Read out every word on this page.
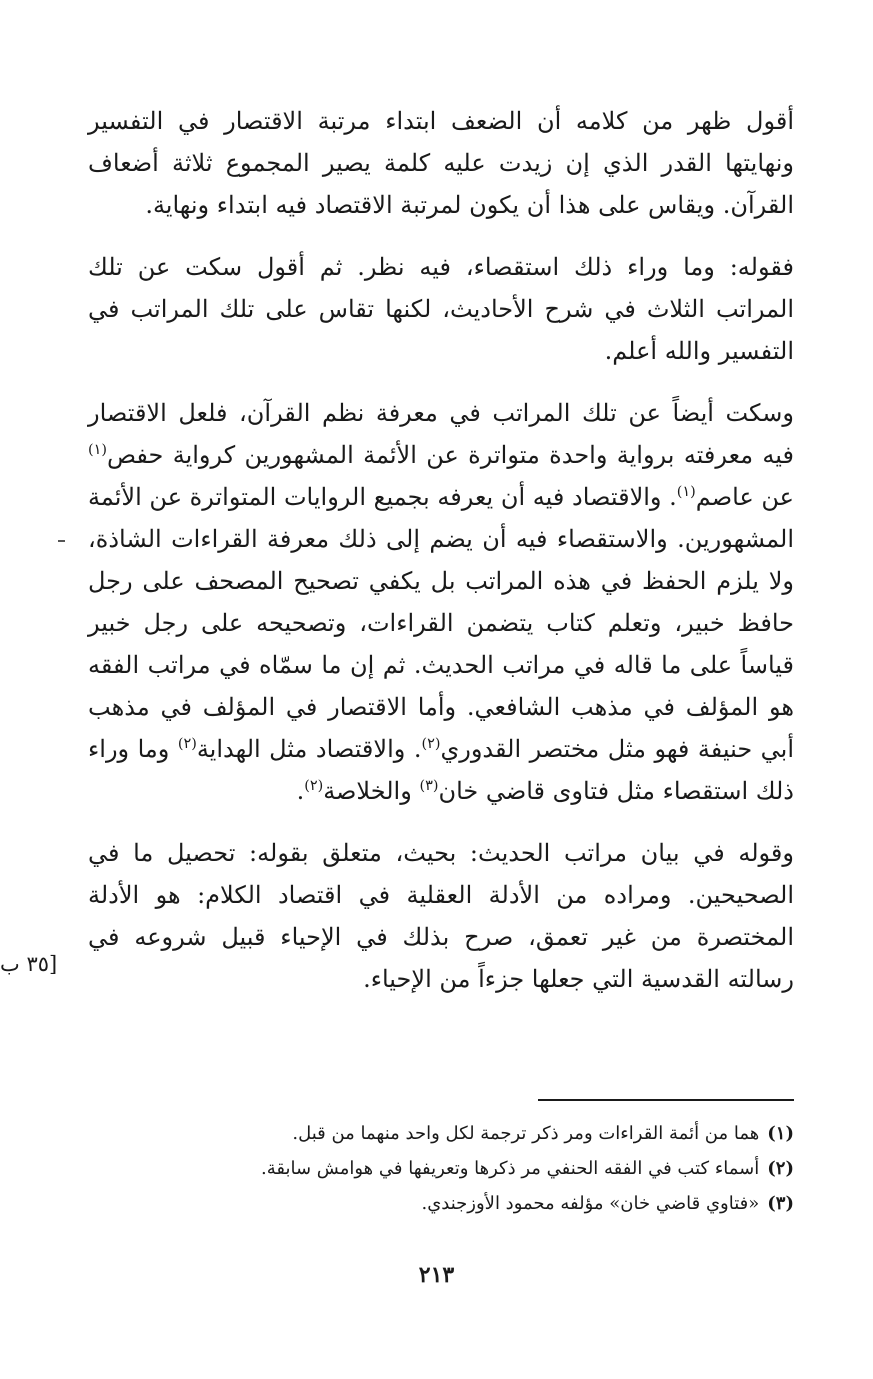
أقول ظهر من كلامه أن الضعف ابتداء مرتبة الاقتصار في التفسير ونهايتها القدر الذي إن زيدت عليه كلمة يصير المجموع ثلاثة أضعاف القرآن. ويقاس على هذا أن يكون لمرتبة الاقتصاد فيه ابتداء ونهاية.

فقوله: وما وراء ذلك استقصاء، فيه نظر. ثم أقول سكت عن تلك المراتب الثلاث في شرح الأحاديث، لكنها تقاس على تلك المراتب في التفسير والله أعلم.

وسكت أيضاً عن تلك المراتب في معرفة نظم القرآن، فلعل الاقتصار فيه معرفته برواية واحدة متواترة عن الأئمة المشهورين كرواية حفص$^{(١)}$ عن عاصم$^{(١)}$. والاقتصاد فيه أن يعرفه بجميع الروايات المتواترة عن الأئمة المشهورين. والاستقصاء فيه أن يضم إلى ذلك معرفة القراءات الشاذة، ولا يلزم الحفظ في هذه المراتب بل يكفي تصحيح المصحف على رجل حافظ خبير، وتعلم كتاب يتضمن القراءات، وتصحيحه على رجل خبير قياساً على ما قاله في مراتب الحديث. ثم إن ما سمّاه في مراتب الفقه هو المؤلف في مذهب الشافعي. وأما الاقتصار في المؤلف في مذهب أبي حنيفة فهو مثل مختصر القدوري$^{(٢)}$. والاقتصاد مثل الهداية$^{(٢)}$ وما وراء ذلك استقصاء مثل فتاوى قاضي خان$^{(٣)}$ والخلاصة$^{(٢)}$.

وقوله في بيان مراتب الحديث: بحيث، متعلق بقوله: تحصيل ما في الصحيحين. ومراده من الأدلة العقلية في اقتصاد الكلام: هو الأدلة المختصرة من غير تعمق، صرح بذلك في الإحياء قبيل شروعه في رسالته القدسية التي جعلها جزءاً من الإحياء.

[٣٥ ب

(١)هما من أئمة القراءات ومر ذكر ترجمة لكل واحد منهما من قبل.

(٢)أسماء كتب في الفقه الحنفي مر ذكرها وتعريفها في هوامش سابقة.

(٣)«فتاوي قاضي خان» مؤلفه محمود الأوزجندي.

٢١٣
